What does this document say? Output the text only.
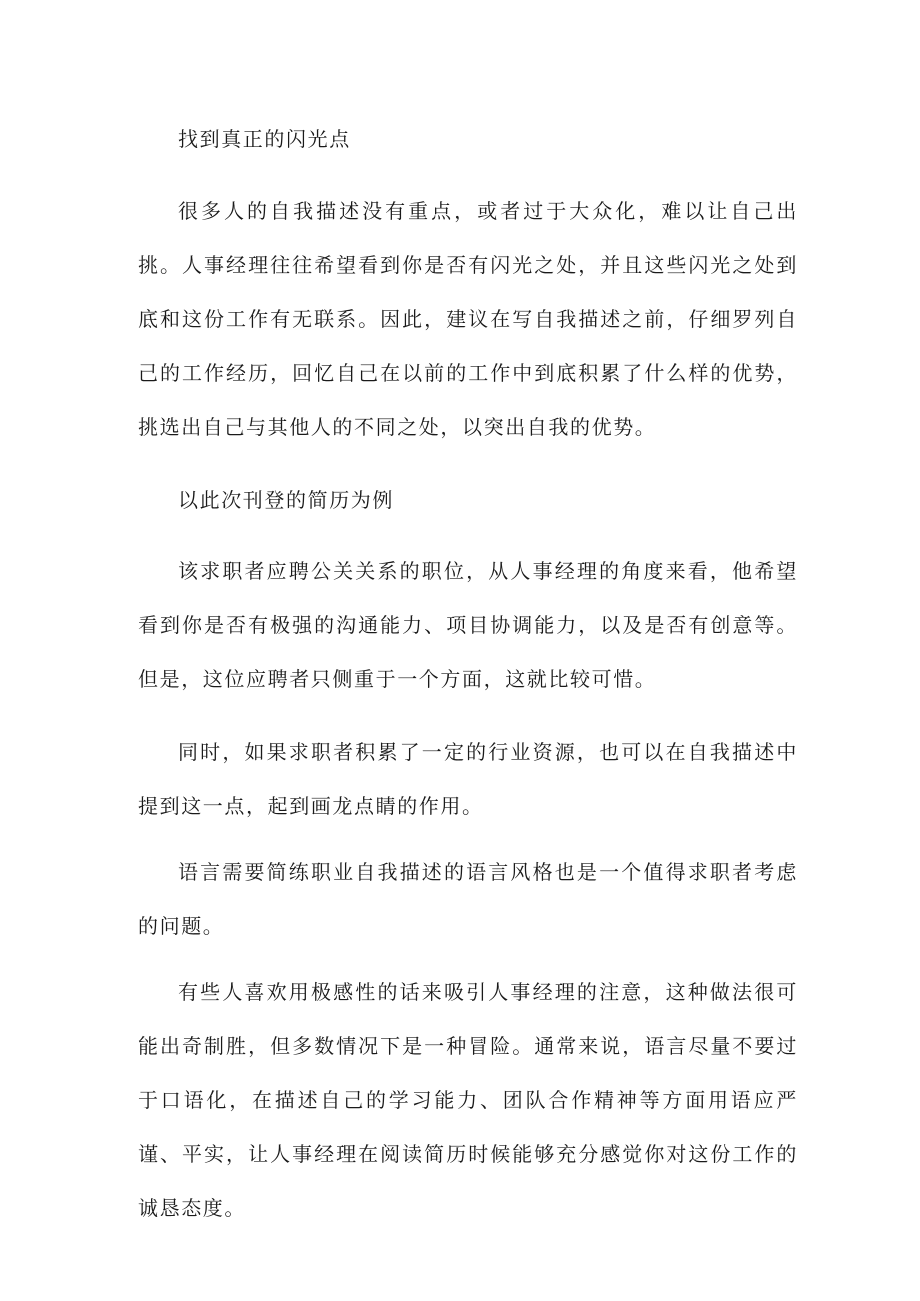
找到真正的闪光点

很多人的自我描述没有重点，或者过于大众化，难以让自己出挑。人事经理往往希望看到你是否有闪光之处，并且这些闪光之处到底和这份工作有无联系。因此，建议在写自我描述之前，仔细罗列自己的工作经历，回忆自己在以前的工作中到底积累了什么样的优势，挑选出自己与其他人的不同之处，以突出自我的优势。

以此次刊登的简历为例

该求职者应聘公关关系的职位，从人事经理的角度来看，他希望看到你是否有极强的沟通能力、项目协调能力，以及是否有创意等。但是，这位应聘者只侧重于一个方面，这就比较可惜。

同时，如果求职者积累了一定的行业资源，也可以在自我描述中提到这一点，起到画龙点睛的作用。

语言需要简练职业自我描述的语言风格也是一个值得求职者考虑的问题。

有些人喜欢用极感性的话来吸引人事经理的注意，这种做法很可能出奇制胜，但多数情况下是一种冒险。通常来说，语言尽量不要过于口语化，在描述自己的学习能力、团队合作精神等方面用语应严谨、平实，让人事经理在阅读简历时候能够充分感觉你对这份工作的诚恳态度。
